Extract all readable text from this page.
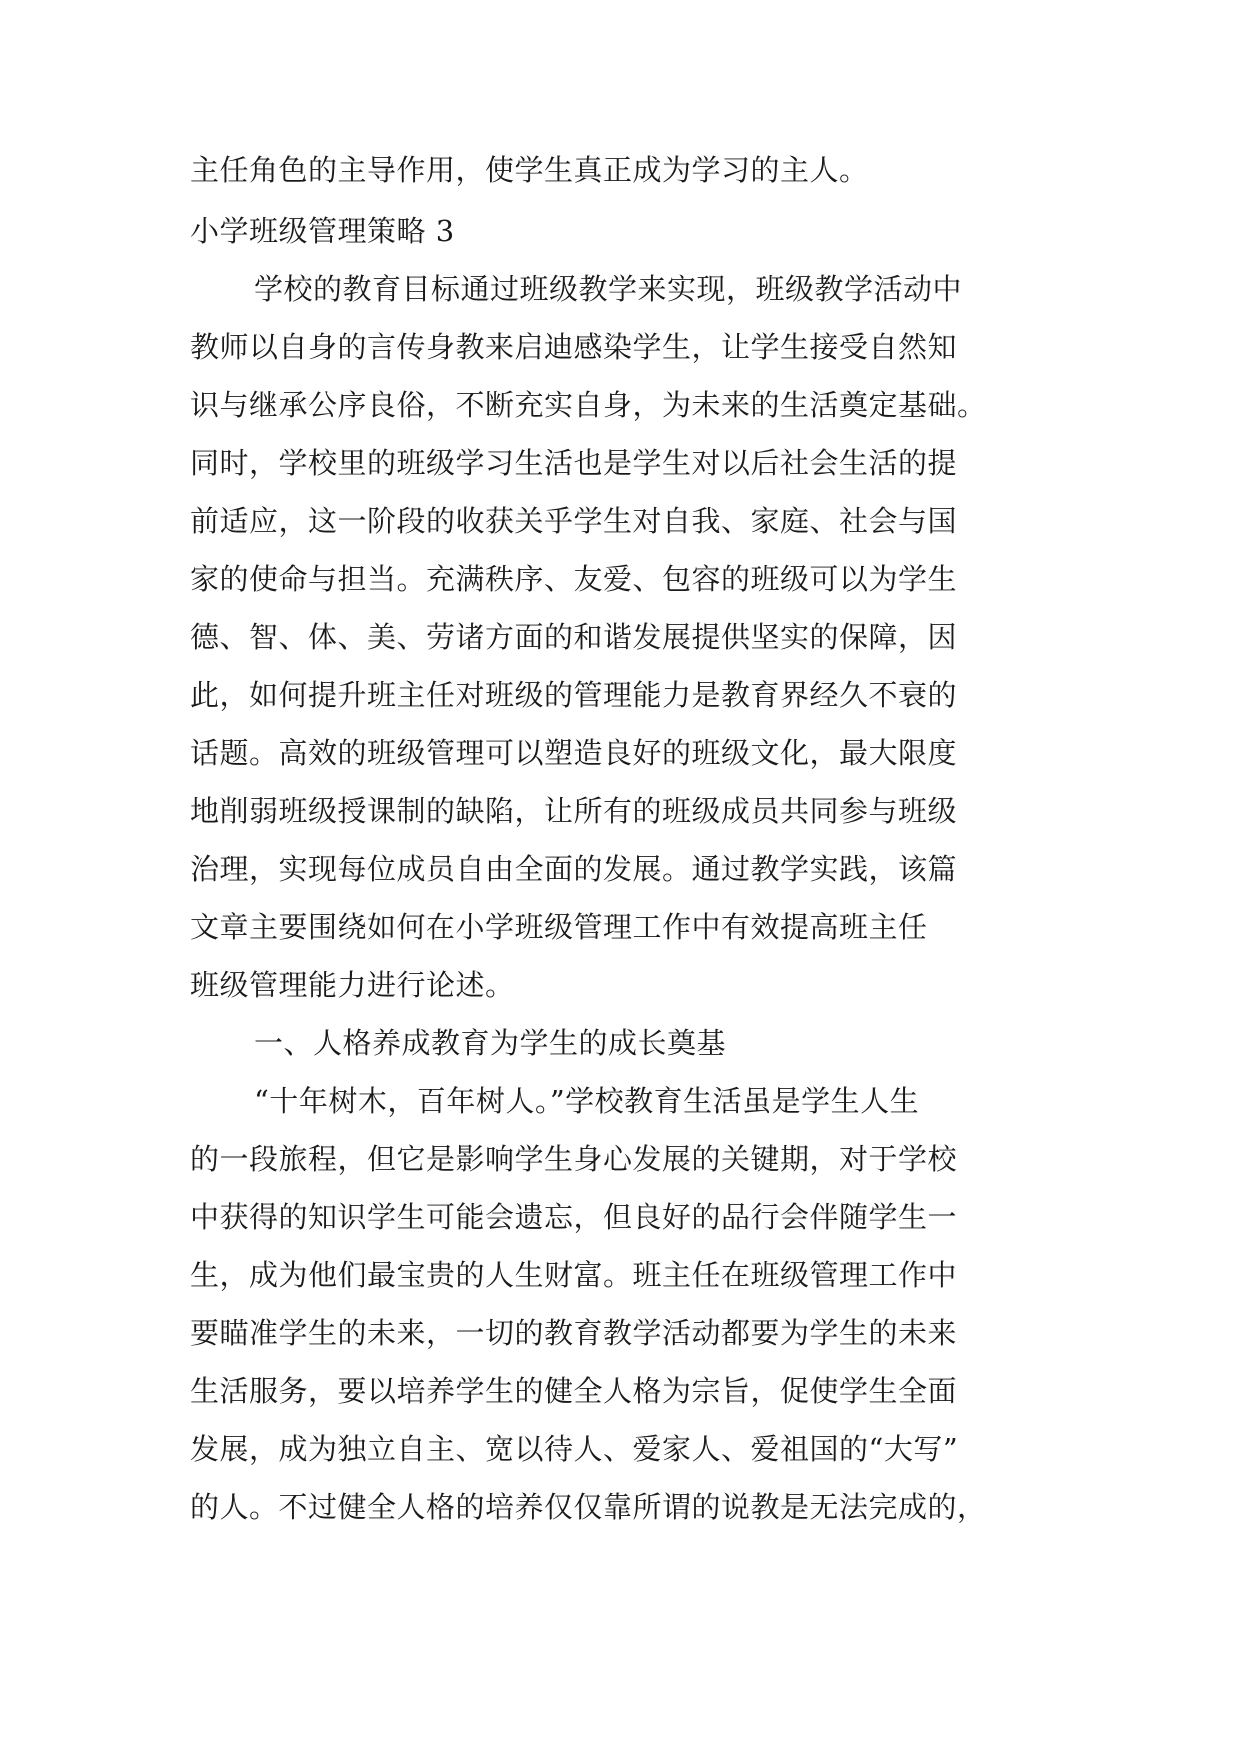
主任角色的主导作用，使学生真正成为学习的主人。
小学班级管理策略 3
学校的教育目标通过班级教学来实现，班级教学活动中
教师以自身的言传身教来启迪感染学生，让学生接受自然知
识与继承公序良俗，不断充实自身，为未来的生活奠定基础。
同时，学校里的班级学习生活也是学生对以后社会生活的提
前适应，这一阶段的收获关乎学生对自我、家庭、社会与国
家的使命与担当。充满秩序、友爱、包容的班级可以为学生
德、智、体、美、劳诸方面的和谐发展提供坚实的保障，因
此，如何提升班主任对班级的管理能力是教育界经久不衰的
话题。高效的班级管理可以塑造良好的班级文化，最大限度
地削弱班级授课制的缺陷，让所有的班级成员共同参与班级
治理，实现每位成员自由全面的发展。通过教学实践，该篇
文章主要围绕如何在小学班级管理工作中有效提高班主任
班级管理能力进行论述。
一、人格养成教育为学生的成长奠基
“十年树木，百年树人。”学校教育生活虽是学生人生
的一段旅程，但它是影响学生身心发展的关键期，对于学校
中获得的知识学生可能会遗忘，但良好的品行会伴随学生一
生，成为他们最宝贵的人生财富。班主任在班级管理工作中
要瞄准学生的未来，一切的教育教学活动都要为学生的未来
生活服务，要以培养学生的健全人格为宗旨，促使学生全面
发展，成为独立自主、宽以待人、爱家人、爱祖国的“大写”
的人。不过健全人格的培养仅仅靠所谓的说教是无法完成的，
